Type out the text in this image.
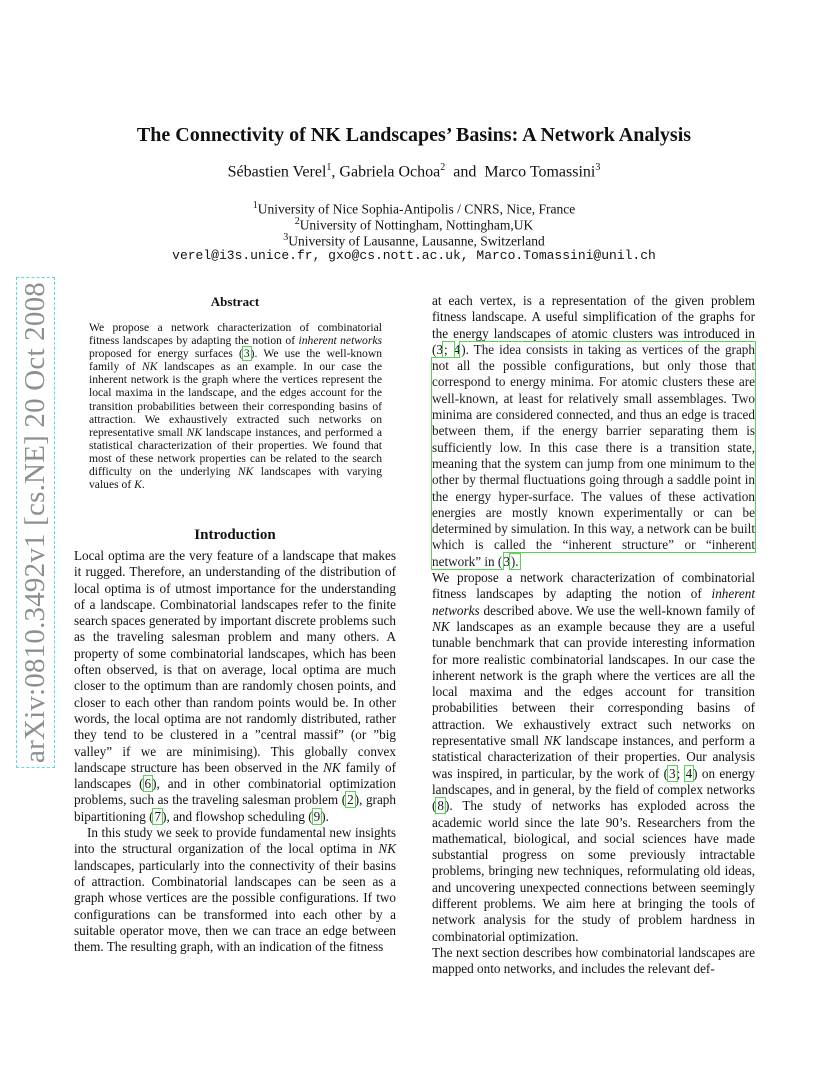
arXiv:0810.3492v1 [cs.NE] 20 Oct 2008
The Connectivity of NK Landscapes’ Basins: A Network Analysis
Sébastien Verel$^1$, Gabriela Ochoa$^2$  and  Marco Tomassini$^3$
$^1$University of Nice Sophia-Antipolis / CNRS, Nice, France
$^2$University of Nottingham, Nottingham,UK
$^3$University of Lausanne, Lausanne, Switzerland
verel@i3s.unice.fr, gxo@cs.nott.ac.uk, Marco.Tomassini@unil.ch
Abstract
We propose a network characterization of combinatorial fitness landscapes by adapting the notion of inherent networks proposed for energy surfaces (3). We use the well-known family of NK landscapes as an example. In our case the inherent network is the graph where the vertices represent the local maxima in the landscape, and the edges account for the transition probabilities between their corresponding basins of attraction. We exhaustively extracted such networks on representative small NK landscape instances, and performed a statistical characterization of their properties. We found that most of these network properties can be related to the search difficulty on the underlying NK landscapes with varying values of K.
Introduction

Local optima are the very feature of a landscape that makes it rugged. Therefore, an understanding of the distribution of local optima is of utmost importance for the understanding of a landscape. Combinatorial landscapes refer to the finite search spaces generated by important discrete problems such as the traveling salesman problem and many others. A property of some combinatorial landscapes, which has been often observed, is that on average, local optima are much closer to the optimum than are randomly chosen points, and closer to each other than random points would be. In other words, the local optima are not randomly distributed, rather they tend to be clustered in a ”central massif” (or ”big valley” if we are minimising). This globally convex landscape structure has been observed in the NK family of landscapes (6), and in other combinatorial optimization problems, such as the traveling salesman problem (2), graph bipartitioning (7), and flowshop scheduling (9).

In this study we seek to provide fundamental new insights into the structural organization of the local optima in NK landscapes, particularly into the connectivity of their basins of attraction. Combinatorial landscapes can be seen as a graph whose vertices are the possible configurations. If two configurations can be transformed into each other by a suitable operator move, then we can trace an edge between them. The resulting graph, with an indication of the fitness

at each vertex, is a representation of the given problem fitness landscape. A useful simplification of the graphs for the energy landscapes of atomic clusters was introduced in (3; 4). The idea consists in taking as vertices of the graph not all the possible configurations, but only those that correspond to energy minima. For atomic clusters these are well-known, at least for relatively small assemblages. Two minima are considered connected, and thus an edge is traced between them, if the energy barrier separating them is sufficiently low. In this case there is a transition state, meaning that the system can jump from one minimum to the other by thermal fluctuations going through a saddle point in the energy hyper-surface. The values of these activation energies are mostly known experimentally or can be determined by simulation. In this way, a network can be built which is called the “inherent structure” or “inherent network” in (3).

We propose a network characterization of combinatorial fitness landscapes by adapting the notion of inherent networks described above. We use the well-known family of NK landscapes as an example because they are a useful tunable benchmark that can provide interesting information for more realistic combinatorial landscapes. In our case the inherent network is the graph where the vertices are all the local maxima and the edges account for transition probabilities between their corresponding basins of attraction. We exhaustively extract such networks on representative small NK landscape instances, and perform a statistical characterization of their properties. Our analysis was inspired, in particular, by the work of (3; 4) on energy landscapes, and in general, by the field of complex networks (8). The study of networks has exploded across the academic world since the late 90’s. Researchers from the mathematical, biological, and social sciences have made substantial progress on some previously intractable problems, bringing new techniques, reformulating old ideas, and uncovering unexpected connections between seemingly different problems. We aim here at bringing the tools of network analysis for the study of problem hardness in combinatorial optimization.

The next section describes how combinatorial landscapes are mapped onto networks, and includes the relevant def-
